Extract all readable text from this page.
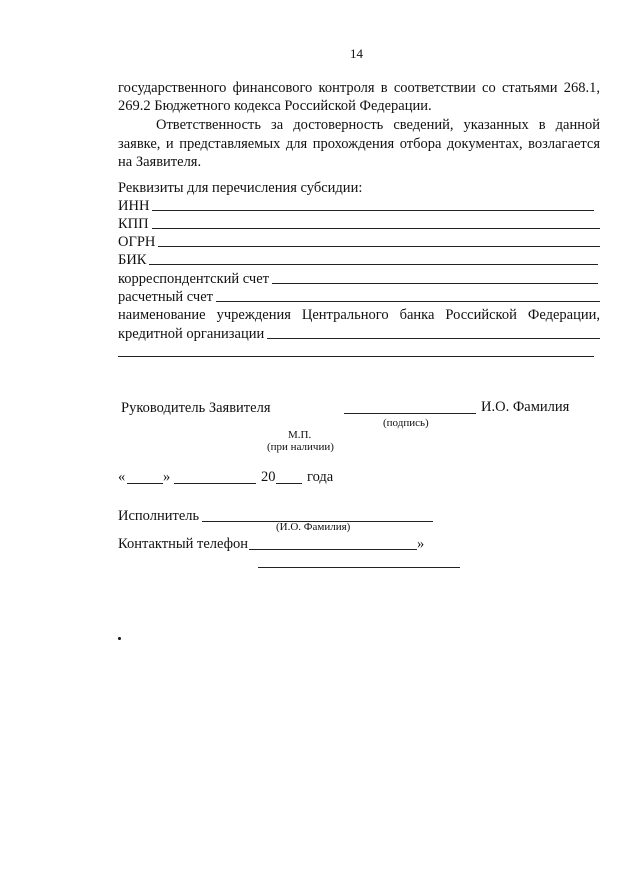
14
государственного финансового контроля в соответствии со статьями 268.1,
269.2 Бюджетного кодекса Российской Федерации.
Ответственность за достоверность сведений, указанных в данной
заявке, и представляемых для прохождения отбора документах, возлагается
на Заявителя.
Реквизиты для перечисления субсидии:
ИНН
КПП
ОГРН
БИК
корреспондентский счет
расчетный счет
наименование учреждения Центрального банка Российской Федерации,
кредитной организации
Руководитель Заявителя	И.О. Фамилия
(подпись)
М.П.
(при наличии)
«	»	20 года
Исполнитель
(И.О. Фамилия)
Контактный телефон	»
